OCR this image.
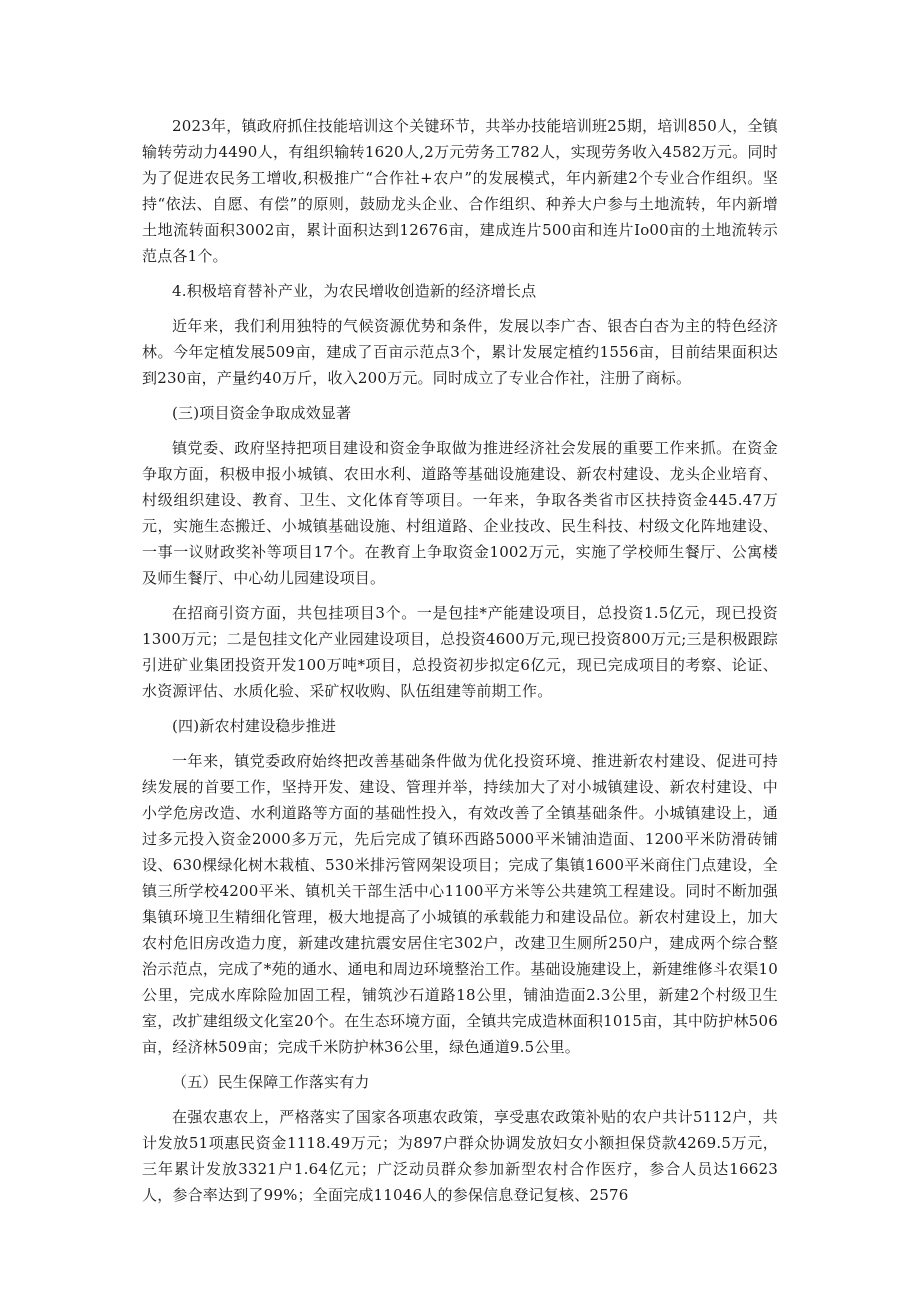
2023年，镇政府抓住技能培训这个关键环节，共举办技能培训班25期，培训850人，全镇输转劳动力4490人，有组织输转1620人,2万元劳务工782人，实现劳务收入4582万元。同时为了促进农民务工增收,积极推广“合作社+农户”的发展模式，年内新建2个专业合作组织。坚持“依法、自愿、有偿”的原则，鼓励龙头企业、合作组织、种养大户参与土地流转，年内新增土地流转面积3002亩，累计面积达到12676亩，建成连片500亩和连片Io00亩的土地流转示范点各1个。

4.积极培育替补产业，为农民增收创造新的经济增长点

近年来，我们利用独特的气候资源优势和条件，发展以李广杏、银杏白杏为主的特色经济林。今年定植发展509亩，建成了百亩示范点3个，累计发展定植约1556亩，目前结果面积达到230亩，产量约40万斤，收入200万元。同时成立了专业合作社，注册了商标。

(三)项目资金争取成效显著

镇党委、政府坚持把项目建设和资金争取做为推进经济社会发展的重要工作来抓。在资金争取方面，积极申报小城镇、农田水利、道路等基础设施建设、新农村建设、龙头企业培育、村级组织建设、教育、卫生、文化体育等项目。一年来，争取各类省市区扶持资金445.47万元，实施生态搬迁、小城镇基础设施、村组道路、企业技改、民生科技、村级文化阵地建设、一事一议财政奖补等项目17个。在教育上争取资金1002万元，实施了学校师生餐厅、公寓楼及师生餐厅、中心幼儿园建设项目。

在招商引资方面，共包挂项目3个。一是包挂*产能建设项目，总投资1.5亿元，现已投资1300万元；二是包挂文化产业园建设项目，总投资4600万元,现已投资800万元;三是积极跟踪引进矿业集团投资开发100万吨*项目，总投资初步拟定6亿元，现已完成项目的考察、论证、水资源评估、水质化验、采矿权收购、队伍组建等前期工作。

(四)新农村建设稳步推进

一年来，镇党委政府始终把改善基础条件做为优化投资环境、推进新农村建设、促进可持续发展的首要工作，坚持开发、建设、管理并举，持续加大了对小城镇建设、新农村建设、中小学危房改造、水利道路等方面的基础性投入，有效改善了全镇基础条件。小城镇建设上，通过多元投入资金2000多万元，先后完成了镇环西路5000平米铺油造面、1200平米防滑砖铺设、630棵绿化树木栽植、530米排污管网架设项目；完成了集镇1600平米商住门点建设，全镇三所学校4200平米、镇机关干部生活中心1100平方米等公共建筑工程建设。同时不断加强集镇环境卫生精细化管理，极大地提高了小城镇的承载能力和建设品位。新农村建设上，加大农村危旧房改造力度，新建改建抗震安居住宅302户，改建卫生厕所250户，建成两个综合整治示范点，完成了*苑的通水、通电和周边环境整治工作。基础设施建设上，新建维修斗农渠10公里，完成水库除险加固工程，铺筑沙石道路18公里，铺油造面2.3公里，新建2个村级卫生室，改扩建组级文化室20个。在生态环境方面，全镇共完成造林面积1015亩，其中防护林506亩，经济林509亩；完成千米防护林36公里，绿色通道9.5公里。

（五）民生保障工作落实有力

在强农惠农上，严格落实了国家各项惠农政策，享受惠农政策补贴的农户共计5112户，共计发放51项惠民资金1118.49万元；为897户群众协调发放妇女小额担保贷款4269.5万元，三年累计发放3321户1.64亿元；广泛动员群众参加新型农村合作医疗，参合人员达16623人，参合率达到了99%；全面完成11046人的参保信息登记复核、2576
